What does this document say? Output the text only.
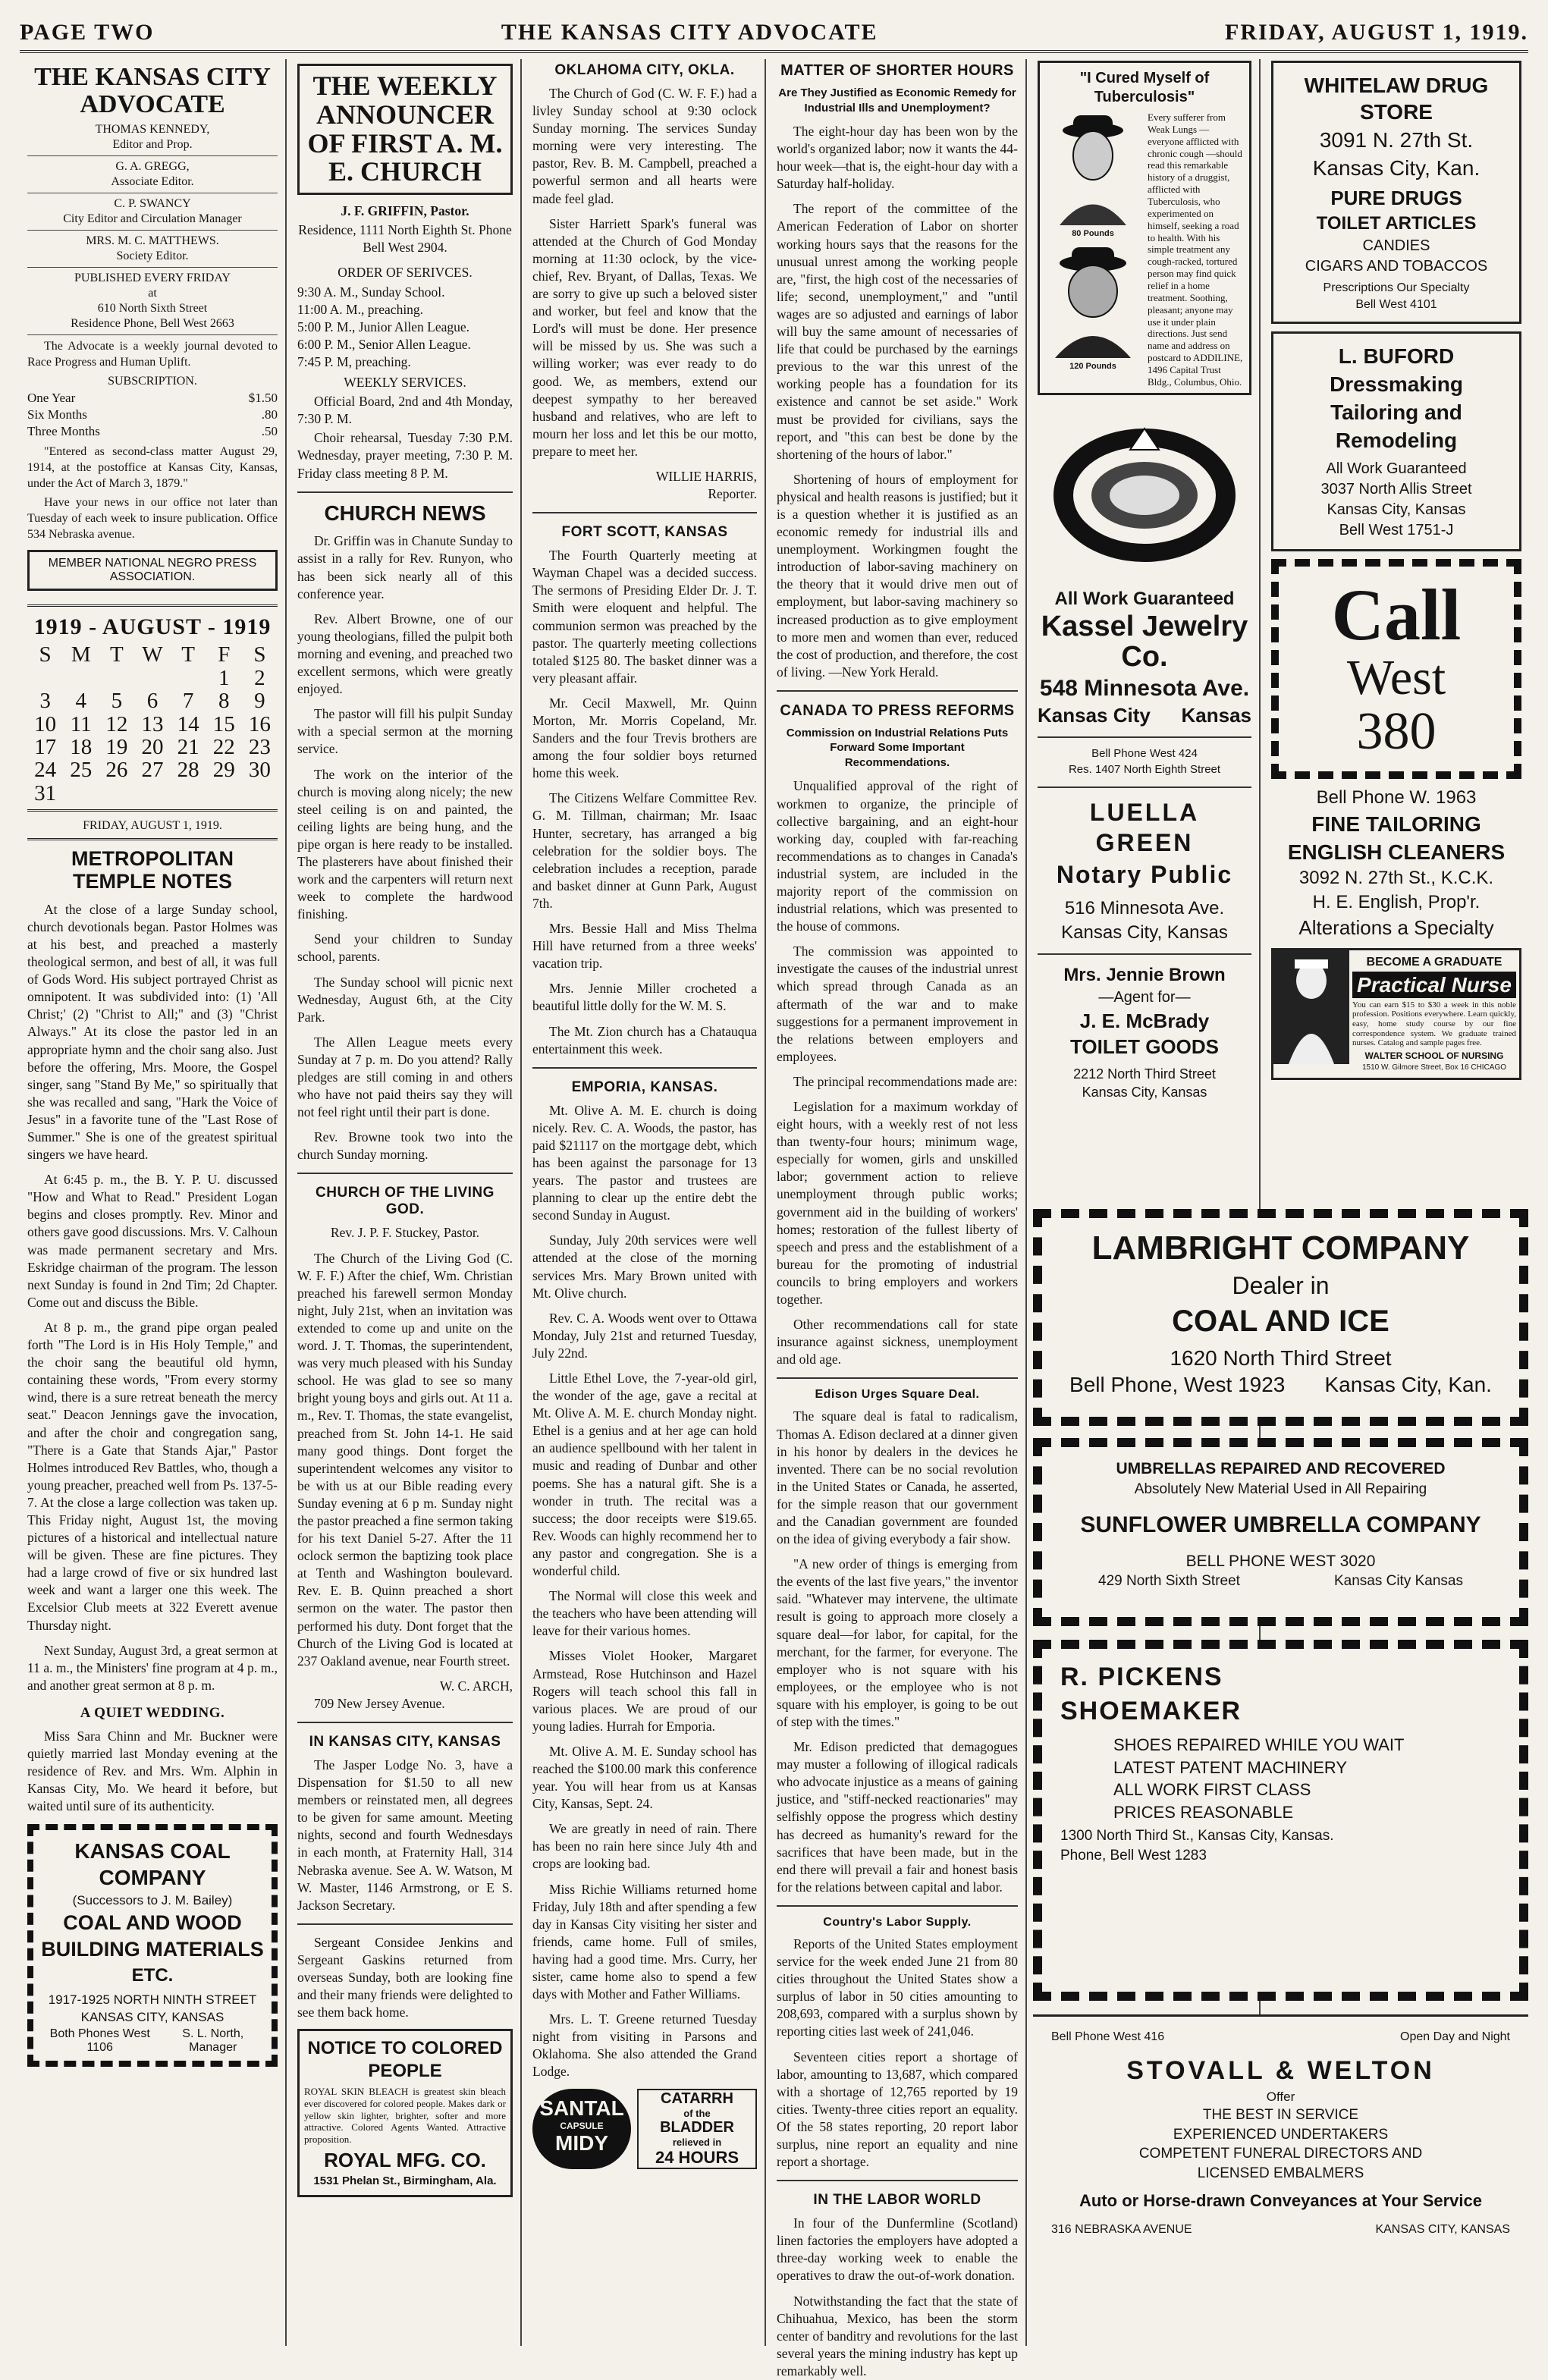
PAGE TWO	THE KANSAS CITY ADVOCATE	FRIDAY, AUGUST 1, 1919.
THE KANSAS CITY ADVOCATE

THOMAS KENNEDY,

Editor and Prop.

G. A. GREGG,

Associate Editor.

C. P. SWANCY

City Editor and Circulation Manager

MRS. M. C. MATTHEWS.

Society Editor.

PUBLISHED EVERY FRIDAY

at

610 North Sixth Street

Residence Phone, Bell West 2663

The Advocate is a weekly journal devoted to Race Progress and Human Uplift.

SUBSCRIPTION.

One Year	$1.50
Six Months	.80
Three Months	.50

"Entered as second-class matter August 29, 1914, at the postoffice at Kansas City, Kansas, under the Act of March 3, 1879."

Have your news in our office not later than Tuesday of each week to insure publication. Office 534 Nebraska avenue.

MEMBER NATIONAL NEGRO PRESS ASSOCIATION.
1919 - AUGUST - 1919
S	M	T	W	T	F	S
					1	2
3	4	5	6	7	8	9
10	11	12	13	14	15	16
17	18	19	20	21	22	23
24	25	26	27	28	29	30
31						

FRIDAY, AUGUST 1, 1919.

METROPOLITAN TEMPLE NOTES

At the close of a large Sunday school, church devotionals began. Pastor Holmes was at his best, and preached a masterly theological sermon, and best of all, it was full of Gods Word. His subject portrayed Christ as omnipotent. It was subdivided into: (1) 'All Christ;' (2) "Christ to All;" and (3) "Christ Always." At its close the pastor led in an appropriate hymn and the choir sang also. Just before the offering, Mrs. Moore, the Gospel singer, sang "Stand By Me," so spiritually that she was recalled and sang, "Hark the Voice of Jesus" in a favorite tune of the "Last Rose of Summer." She is one of the greatest spiritual singers we have heard.

At 6:45 p. m., the B. Y. P. U. discussed "How and What to Read." President Logan begins and closes promptly. Rev. Minor and others gave good discussions. Mrs. V. Calhoun was made permanent secretary and Mrs. Eskridge chairman of the program. The lesson next Sunday is found in 2nd Tim; 2d Chapter. Come out and discuss the Bible.

At 8 p. m., the grand pipe organ pealed forth "The Lord is in His Holy Temple," and the choir sang the beautiful old hymn, containing these words, "From every stormy wind, there is a sure retreat beneath the mercy seat." Deacon Jennings gave the invocation, and after the choir and congregation sang, "There is a Gate that Stands Ajar," Pastor Holmes introduced Rev Battles, who, though a young preacher, preached well from Ps. 137-5-7. At the close a large collection was taken up. This Friday night, August 1st, the moving pictures of a historical and intellectual nature will be given. These are fine pictures. They had a large crowd of five or six hundred last week and want a larger one this week. The Excelsior Club meets at 322 Everett avenue Thursday night.

Next Sunday, August 3rd, a great sermon at 11 a. m., the Ministers' fine program at 4 p. m., and another great sermon at 8 p. m.

A QUIET WEDDING.

Miss Sara Chinn and Mr. Buckner were quietly married last Monday evening at the residence of Rev. and Mrs. Wm. Alphin in Kansas City, Mo. We heard it before, but waited until sure of its authenticity.

KANSAS COAL COMPANY
(Successors to J. M. Bailey)
COAL AND WOOD
BUILDING MATERIALS
ETC.
1917-1925 NORTH NINTH STREET
KANSAS CITY, KANSAS
Both Phones West 1106
S. L. North, Manager
THE WEEKLY ANNOUNCER OF FIRST A. M. E. CHURCH

J. F. GRIFFIN, Pastor.

Residence, 1111 North Eighth St. Phone Bell West 2904.

ORDER OF SERIVCES.

9:30 A. M., Sunday School.

11:00 A. M., preaching.

5:00 P. M., Junior Allen League.

6:00 P. M., Senior Allen League.

7:45 P. M, preaching.

WEEKLY SERVICES.

Official Board, 2nd and 4th Monday, 7:30 P. M.

Choir rehearsal, Tuesday 7:30 P.M. Wednesday, prayer meeting, 7:30 P. M. Friday class meeting 8 P. M.

CHURCH NEWS

Dr. Griffin was in Chanute Sunday to assist in a rally for Rev. Runyon, who has been sick nearly all of this conference year.

Rev. Albert Browne, one of our young theologians, filled the pulpit both morning and evening, and preached two excellent sermons, which were greatly enjoyed.

The pastor will fill his pulpit Sunday with a special sermon at the morning service.

The work on the interior of the church is moving along nicely; the new steel ceiling is on and painted, the ceiling lights are being hung, and the pipe organ is here ready to be installed. The plasterers have about finished their work and the carpenters will return next week to complete the hardwood finishing.

Send your children to Sunday school, parents.

The Sunday school will picnic next Wednesday, August 6th, at the City Park.

The Allen League meets every Sunday at 7 p. m. Do you attend? Rally pledges are still coming in and others who have not paid theirs say they will not feel right until their part is done.

Rev. Browne took two into the church Sunday morning.

CHURCH OF THE LIVING GOD.

Rev. J. P. F. Stuckey, Pastor.

The Church of the Living God (C. W. F. F.) After the chief, Wm. Christian preached his farewell sermon Monday night, July 21st, when an invitation was extended to come up and unite on the word. J. T. Thomas, the superintendent, was very much pleased with his Sunday school. He was glad to see so many bright young boys and girls out. At 11 a. m., Rev. T. Thomas, the state evangelist, preached from St. John 14-1. He said many good things. Dont forget the superintendent welcomes any visitor to be with us at our Bible reading every Sunday evening at 6 p m. Sunday night the pastor preached a fine sermon taking for his text Daniel 5-27. After the 11 oclock sermon the baptizing took place at Tenth and Washington boulevard. Rev. E. B. Quinn preached a short sermon on the water. The pastor then performed his duty. Dont forget that the Church of the Living God is located at 237 Oakland avenue, near Fourth street.

W. C. ARCH,

709 New Jersey Avenue.

IN KANSAS CITY, KANSAS

The Jasper Lodge No. 3, have a Dispensation for $1.50 to all new members or reinstated men, all degrees to be given for same amount. Meeting nights, second and fourth Wednesdays in each month, at Fraternity Hall, 314 Nebraska avenue. See A. W. Watson, M W. Master, 1146 Armstrong, or E S. Jackson Secretary.

Sergeant Considee Jenkins and Sergeant Gaskins returned from overseas Sunday, both are looking fine and their many friends were delighted to see them back home.

NOTICE TO COLORED PEOPLE

ROYAL SKIN BLEACH is greatest skin bleach ever discovered for colored people. Makes dark or yellow skin lighter, brighter, softer and more attractive. Colored Agents Wanted. Attractive proposition.

ROYAL MFG. CO.
1531 Phelan St., Birmingham, Ala.
OKLAHOMA CITY, OKLA.

The Church of God (C. W. F. F.) had a livley Sunday school at 9:30 oclock Sunday morning. The services Sunday morning were very interesting. The pastor, Rev. B. M. Campbell, preached a powerful sermon and all hearts were made feel glad.

Sister Harriett Spark's funeral was attended at the Church of God Monday morning at 11:30 oclock, by the vice-chief, Rev. Bryant, of Dallas, Texas. We are sorry to give up such a beloved sister and worker, but feel and know that the Lord's will must be done. Her presence will be missed by us. She was such a willing worker; was ever ready to do good. We, as members, extend our deepest sympathy to her bereaved husband and relatives, who are left to mourn her loss and let this be our motto, prepare to meet her.

WILLIE HARRIS,

Reporter.

FORT SCOTT, KANSAS

The Fourth Quarterly meeting at Wayman Chapel was a decided success. The sermons of Presiding Elder Dr. J. T. Smith were eloquent and helpful. The communion sermon was preached by the pastor. The quarterly meeting collections totaled $125 80. The basket dinner was a very pleasant affair.

Mr. Cecil Maxwell, Mr. Quinn Morton, Mr. Morris Copeland, Mr. Sanders and the four Trevis brothers are among the four soldier boys returned home this week.

The Citizens Welfare Committee Rev. G. M. Tillman, chairman; Mr. Isaac Hunter, secretary, has arranged a big celebration for the soldier boys. The celebration includes a reception, parade and basket dinner at Gunn Park, August 7th.

Mrs. Bessie Hall and Miss Thelma Hill have returned from a three weeks' vacation trip.

Mrs. Jennie Miller crocheted a beautiful little dolly for the W. M. S.

The Mt. Zion church has a Chatauqua entertainment this week.

EMPORIA, KANSAS.

Mt. Olive A. M. E. church is doing nicely. Rev. C. A. Woods, the pastor, has paid $21117 on the mortgage debt, which has been against the parsonage for 13 years. The pastor and trustees are planning to clear up the entire debt the second Sunday in August.

Sunday, July 20th services were well attended at the close of the morning services Mrs. Mary Brown united with Mt. Olive church.

Rev. C. A. Woods went over to Ottawa Monday, July 21st and returned Tuesday, July 22nd.

Little Ethel Love, the 7-year-old girl, the wonder of the age, gave a recital at Mt. Olive A. M. E. church Monday night. Ethel is a genius and at her age can hold an audience spellbound with her talent in music and reading of Dunbar and other poems. She has a natural gift. She is a wonder in truth. The recital was a success; the door receipts were $19.65. Rev. Woods can highly recommend her to any pastor and congregation. She is a wonderful child.

The Normal will close this week and the teachers who have been attending will leave for their various homes.

Misses Violet Hooker, Margaret Armstead, Rose Hutchinson and Hazel Rogers will teach school this fall in various places. We are proud of our young ladies. Hurrah for Emporia.

Mt. Olive A. M. E. Sunday school has reached the $100.00 mark this conference year. You will hear from us at Kansas City, Kansas, Sept. 24.

We are greatly in need of rain. There has been no rain here since July 4th and crops are looking bad.

Miss Richie Williams returned home Friday, July 18th and after spending a few day in Kansas City visiting her sister and friends, came home. Full of smiles, having had a good time. Mrs. Curry, her sister, came home also to spend a few days with Mother and Father Williams.

Mrs. L. T. Greene returned Tuesday night from visiting in Parsons and Oklahoma. She also attended the Grand Lodge.

SANTAL
CAPSULE
MIDY
CATARRH
of the
BLADDER
relieved in
24 HOURS
MATTER OF SHORTER HOURS
Are They Justified as Economic Remedy for Industrial Ills and Unemployment?

The eight-hour day has been won by the world's organized labor; now it wants the 44-hour week—that is, the eight-hour day with a Saturday half-holiday.

The report of the committee of the American Federation of Labor on shorter working hours says that the reasons for the unusual unrest among the working people are, "first, the high cost of the necessaries of life; second, unemployment," and "until wages are so adjusted and earnings of labor will buy the same amount of necessaries of life that could be purchased by the earnings previous to the war this unrest of the working people has a foundation for its existence and cannot be set aside." Work must be provided for civilians, says the report, and "this can best be done by the shortening of the hours of labor."

Shortening of hours of employment for physical and health reasons is justified; but it is a question whether it is justified as an economic remedy for industrial ills and unemployment. Workingmen fought the introduction of labor-saving machinery on the theory that it would drive men out of employment, but labor-saving machinery so increased production as to give employment to more men and women than ever, reduced the cost of production, and therefore, the cost of living. —New York Herald.

CANADA TO PRESS REFORMS
Commission on Industrial Relations Puts Forward Some Important Recommendations.

Unqualified approval of the right of workmen to organize, the principle of collective bargaining, and an eight-hour working day, coupled with far-reaching recommendations as to changes in Canada's industrial system, are included in the majority report of the commission on industrial relations, which was presented to the house of commons.

The commission was appointed to investigate the causes of the industrial unrest which spread through Canada as an aftermath of the war and to make suggestions for a permanent improvement in the relations between employers and employees.

The principal recommendations made are:

Legislation for a maximum workday of eight hours, with a weekly rest of not less than twenty-four hours; minimum wage, especially for women, girls and unskilled labor; government action to relieve unemployment through public works; government aid in the building of workers' homes; restoration of the fullest liberty of speech and press and the establishment of a bureau for the promoting of industrial councils to bring employers and workers together.

Other recommendations call for state insurance against sickness, unemployment and old age.

Edison Urges Square Deal.

The square deal is fatal to radicalism, Thomas A. Edison declared at a dinner given in his honor by dealers in the devices he invented. There can be no social revolution in the United States or Canada, he asserted, for the simple reason that our government and the Canadian government are founded on the idea of giving everybody a fair show.

"A new order of things is emerging from the events of the last five years," the inventor said. "Whatever may intervene, the ultimate result is going to approach more closely a square deal—for labor, for capital, for the merchant, for the farmer, for everyone. The employer who is not square with his employees, or the employee who is not square with his employer, is going to be out of step with the times."

Mr. Edison predicted that demagogues may muster a following of illogical radicals who advocate injustice as a means of gaining justice, and "stiff-necked reactionaries" may selfishly oppose the progress which destiny has decreed as humanity's reward for the sacrifices that have been made, but in the end there will prevail a fair and honest basis for the relations between capital and labor.

Country's Labor Supply.

Reports of the United States employment service for the week ended June 21 from 80 cities throughout the United States show a surplus of labor in 50 cities amounting to 208,693, compared with a surplus shown by reporting cities last week of 241,046.

Seventeen cities report a shortage of labor, amounting to 13,687, which compared with a shortage of 12,765 reported by 19 cities. Twenty-three cities report an equality. Of the 58 states reporting, 20 report labor surplus, nine report an equality and nine report a shortage.

IN THE LABOR WORLD

In four of the Dunfermline (Scotland) linen factories the employers have adopted a three-day working week to enable the operatives to draw the out-of-work donation.

Notwithstanding the fact that the state of Chihuahua, Mexico, has been the storm center of banditry and revolutions for the last several years the mining industry has kept up remarkably well.

"I Cured Myself of Tuberculosis"
80 Pounds
120 Pounds

Every sufferer from Weak Lungs —everyone afflicted with chronic cough —should read this remarkable history of a druggist, afflicted with Tuberculosis, who experimented on himself, seeking a road to health. With his simple treatment any cough-racked, tortured person may find quick relief in a home treatment. Soothing, pleasant; anyone may use it under plain directions. Just send name and address on postcard to ADDILINE, 1496 Capital Trust Bldg., Columbus, Ohio.

All Work Guaranteed
Kassel Jewelry Co.
548 Minnesota Ave.
Kansas City Kansas
Bell Phone West 424
Res. 1407 North Eighth Street
LUELLA GREEN
Notary Public
516 Minnesota Ave.
Kansas City, Kansas
Mrs. Jennie Brown
—Agent for—
J. E. McBrady
TOILET GOODS
2212 North Third Street
Kansas City, Kansas
WHITELAW DRUG STORE
3091 N. 27th St.
Kansas City, Kan.
PURE DRUGS
TOILET ARTICLES
CANDIES
CIGARS AND TOBACCOS
Prescriptions Our Specialty
Bell West 4101
L. BUFORD
Dressmaking
Tailoring and
Remodeling
All Work Guaranteed
3037 North Allis Street
Kansas City, Kansas
Bell West 1751-J
Call
West
380
Bell Phone W. 1963
FINE TAILORING
ENGLISH CLEANERS
3092 N. 27th St., K.C.K.
H. E. English, Prop'r.
Alterations a Specialty
BECOME A GRADUATE
Practical Nurse

You can earn $15 to $30 a week in this noble profession. Positions everywhere. Learn quickly, easy, home study course by our fine correspondence system. We graduate trained nurses. Catalog and sample pages free.

WALTER SCHOOL OF NURSING
1510 W. Gilmore Street, Box 16 CHICAGO
LAMBRIGHT COMPANY
Dealer in
COAL AND ICE
1620 North Third Street
Bell Phone, West 1923 Kansas City, Kan.
UMBRELLAS REPAIRED AND RECOVERED
Absolutely New Material Used in All Repairing
SUNFLOWER UMBRELLA COMPANY
BELL PHONE WEST 3020
429 North Sixth Street	Kansas City Kansas
R. PICKENS
SHOEMAKER
SHOES REPAIRED WHILE YOU WAIT
LATEST PATENT MACHINERY
ALL WORK FIRST CLASS
PRICES REASONABLE
1300 North Third St., Kansas City, Kansas.
Phone, Bell West 1283
Bell Phone West 416	Open Day and Night
STOVALL & WELTON
Offer
THE BEST IN SERVICE
EXPERIENCED UNDERTAKERS
COMPETENT FUNERAL DIRECTORS AND
LICENSED EMBALMERS
Auto or Horse-drawn Conveyances at Your Service
316 NEBRASKA AVENUE	KANSAS CITY, KANSAS
